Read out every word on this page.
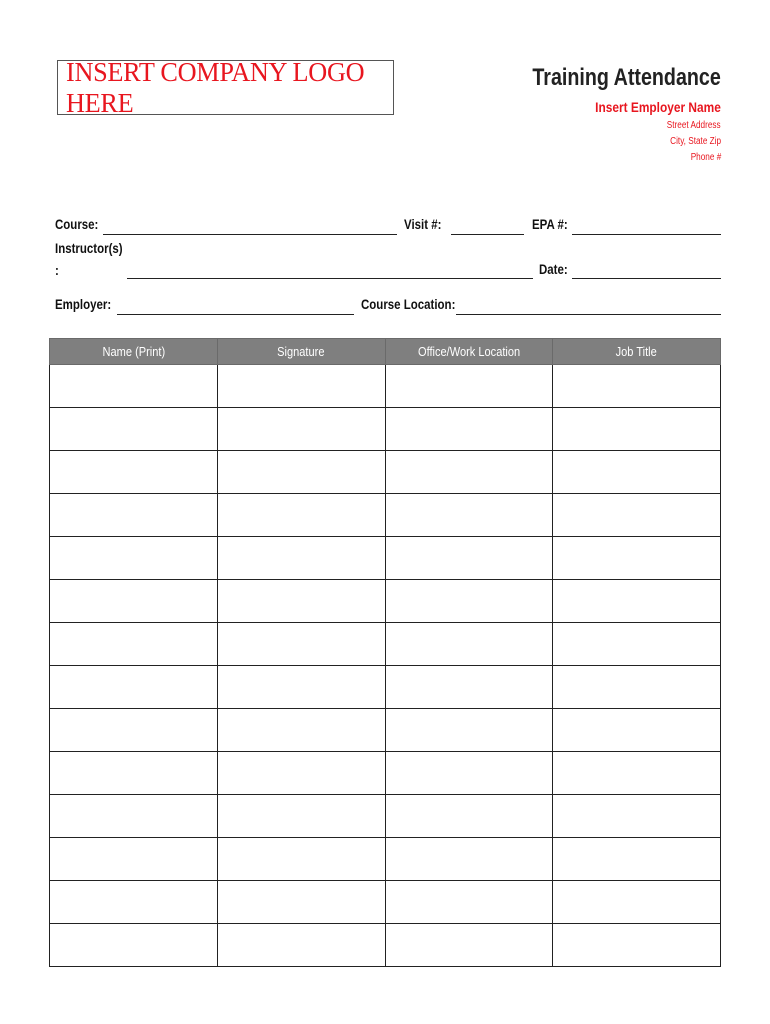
INSERT COMPANY LOGO HERE
Training Attendance
Insert Employer Name
Street Address
City, State Zip
Phone #
Course:	Visit #:	EPA #:
Instructor(s)
:	Date:
Employer:	Course Location:
Name (Print)	Signature	Office/Work Location	Job Title
